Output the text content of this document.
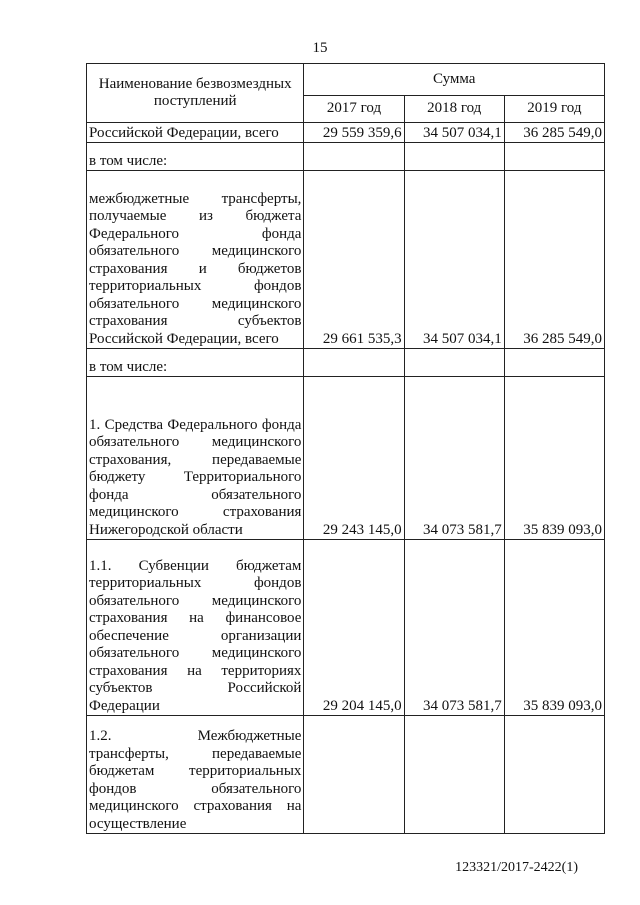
15
Наименование безвозмездных поступлений	Сумма		
	2017 год	2018 год	2019 год
Российской Федерации, всего	29 559 359,6	34 507 034,1	36 285 549,0
в том числе:			
межбюджетные трансферты, получаемые из бюджета Федерального фонда обязательного медицинского страхования и бюджетов территориальных фондов обязательного медицинского страхования субъектов Российской Федерации, всего	29 661 535,3	34 507 034,1	36 285 549,0
в том числе:			
1. Средства Федерального фонда обязательного медицинского страхования, передаваемые бюджету Территориального фонда обязательного медицинского страхования Нижегородской области	29 243 145,0	34 073 581,7	35 839 093,0
1.1. Субвенции бюджетам территориальных фондов обязательного медицинского страхования на финансовое обеспечение организации обязательного медицинского страхования на территориях субъектов Российской Федерации	29 204 145,0	34 073 581,7	35 839 093,0
1.2. Межбюджетные трансферты, передаваемые бюджетам территориальных фондов обязательного медицинского страхования на осуществление			
123321/2017-2422(1)
